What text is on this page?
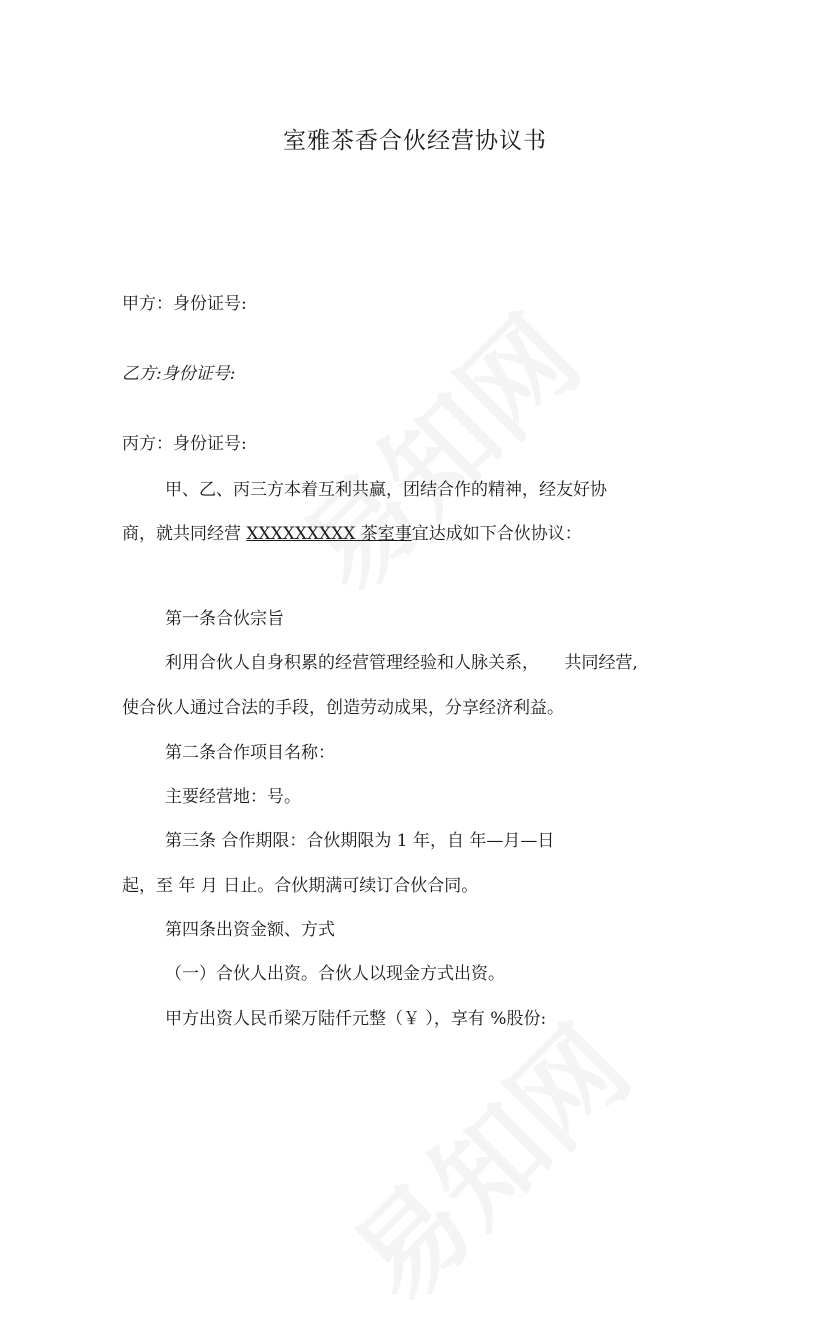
室雅茶香合伙经营协议书
甲方：身份证号:
乙方:身份证号:
丙方：身份证号:
甲、乙、丙三方本着互利共赢，团结合作的精神，经友好协
商，就共同经营 XXXXXXXXX 茶室事宜达成如下合伙协议：
第一条合伙宗旨
利用合伙人自身积累的经营管理经验和人脉关系，　　共同经营,
使合伙人通过合法的手段，创造劳动成果，分享经济利益。
第二条合作项目名称：
主要经营地：号。
第三条 合作期限：合伙期限为 1 年，自 年—月—日
起，至 年 月 日止。合伙期满可续订合伙合同。
第四条出资金额、方式
（一）合伙人出资。合伙人以现金方式出资。
甲方出资人民币梁万陆仟元整（￥ ），享有 %股份:
